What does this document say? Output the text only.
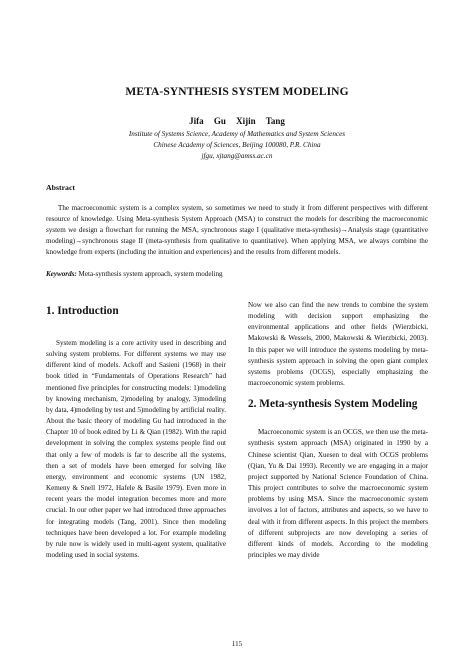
META-SYNTHESIS SYSTEM MODELING
Jifa Gu Xijin Tang
Institute of Systems Science, Academy of Mathematics and System Sciences
Chinese Academy of Sciences, Beijing 100080, P.R. China
jfgu, xjtang@amss.ac.cn
Abstract

The macroeconomic system is a complex system, so sometimes we need to study it from different perspectives with different resource of knowledge. Using Meta-synthesis System Approach (MSA) to construct the models for describing the macroeconomic system we design a flowchart for running the MSA, synchronous stage I (qualitative meta-synthesis)→Analysis stage (quantitative modeling)→synchronous stage II (meta-synthesis from qualitative to quantitative). When applying MSA, we always combine the knowledge from experts (including the intuition and experiences) and the results from different models.

Keywords: Meta-synthesis system approach, system modeling
1. Introduction

System modeling is a core activity used in describing and solving system problems. For different systems we may use different kind of models. Ackoff and Sasieni (1968) in their book titled in “Fundamentals of Operations Research” had mentioned five principles for constructing models: 1)modeling by knowing mechanism, 2)modeling by analogy, 3)modeling by data, 4)modeling by test and 5)modeling by artificial reality. About the basic theory of modeling Gu had introduced in the Chapter 10 of book edited by Li & Qian (1982). With the rapid development in solving the complex systems people find out that only a few of models is far to describe all the systems, then a set of models have been emerged for solving like energy, environment and economic systems (UN 1982, Kemeny & Snell 1972, Hafele & Basile 1979). Even more in recent years the model integration becomes more and more crucial. In our other paper we had introduced three approaches for integrating models (Tang, 2001). Since then modeling techniques have been developed a lot. For example modeling by rule now is widely used in multi-agent system, qualitative modeling used in social systems.

Now we also can find the new trends to combine the system modeling with decision support emphasizing the environmental applications and other fields (Wierzbicki, Makowski & Wessels, 2000, Makowski & Wierzbicki, 2003). In this paper we will introduce the systems modeling by meta-synthesis system approach in solving the open giant complex systems problems (OCGS), especially emphasizing the macroeconomic system problems.

2. Meta-synthesis System Modeling

Macroeconomic system is an OCGS, we then use the meta-synthesis system approach (MSA) originated in 1990 by a Chinese scientist Qian, Xuesen to deal with OCGS problems (Qian, Yu & Dai 1993). Recently we are engaging in a major project supported by National Science Foundation of China. This project contributes to solve the macroeconomic system problems by using MSA. Since the macroeconomic system involves a lot of factors, attributes and aspects, so we have to deal with it from different aspects. In this project the members of different subprojects are now developing a series of different kinds of models. According to the modeling principles we may divide

115
